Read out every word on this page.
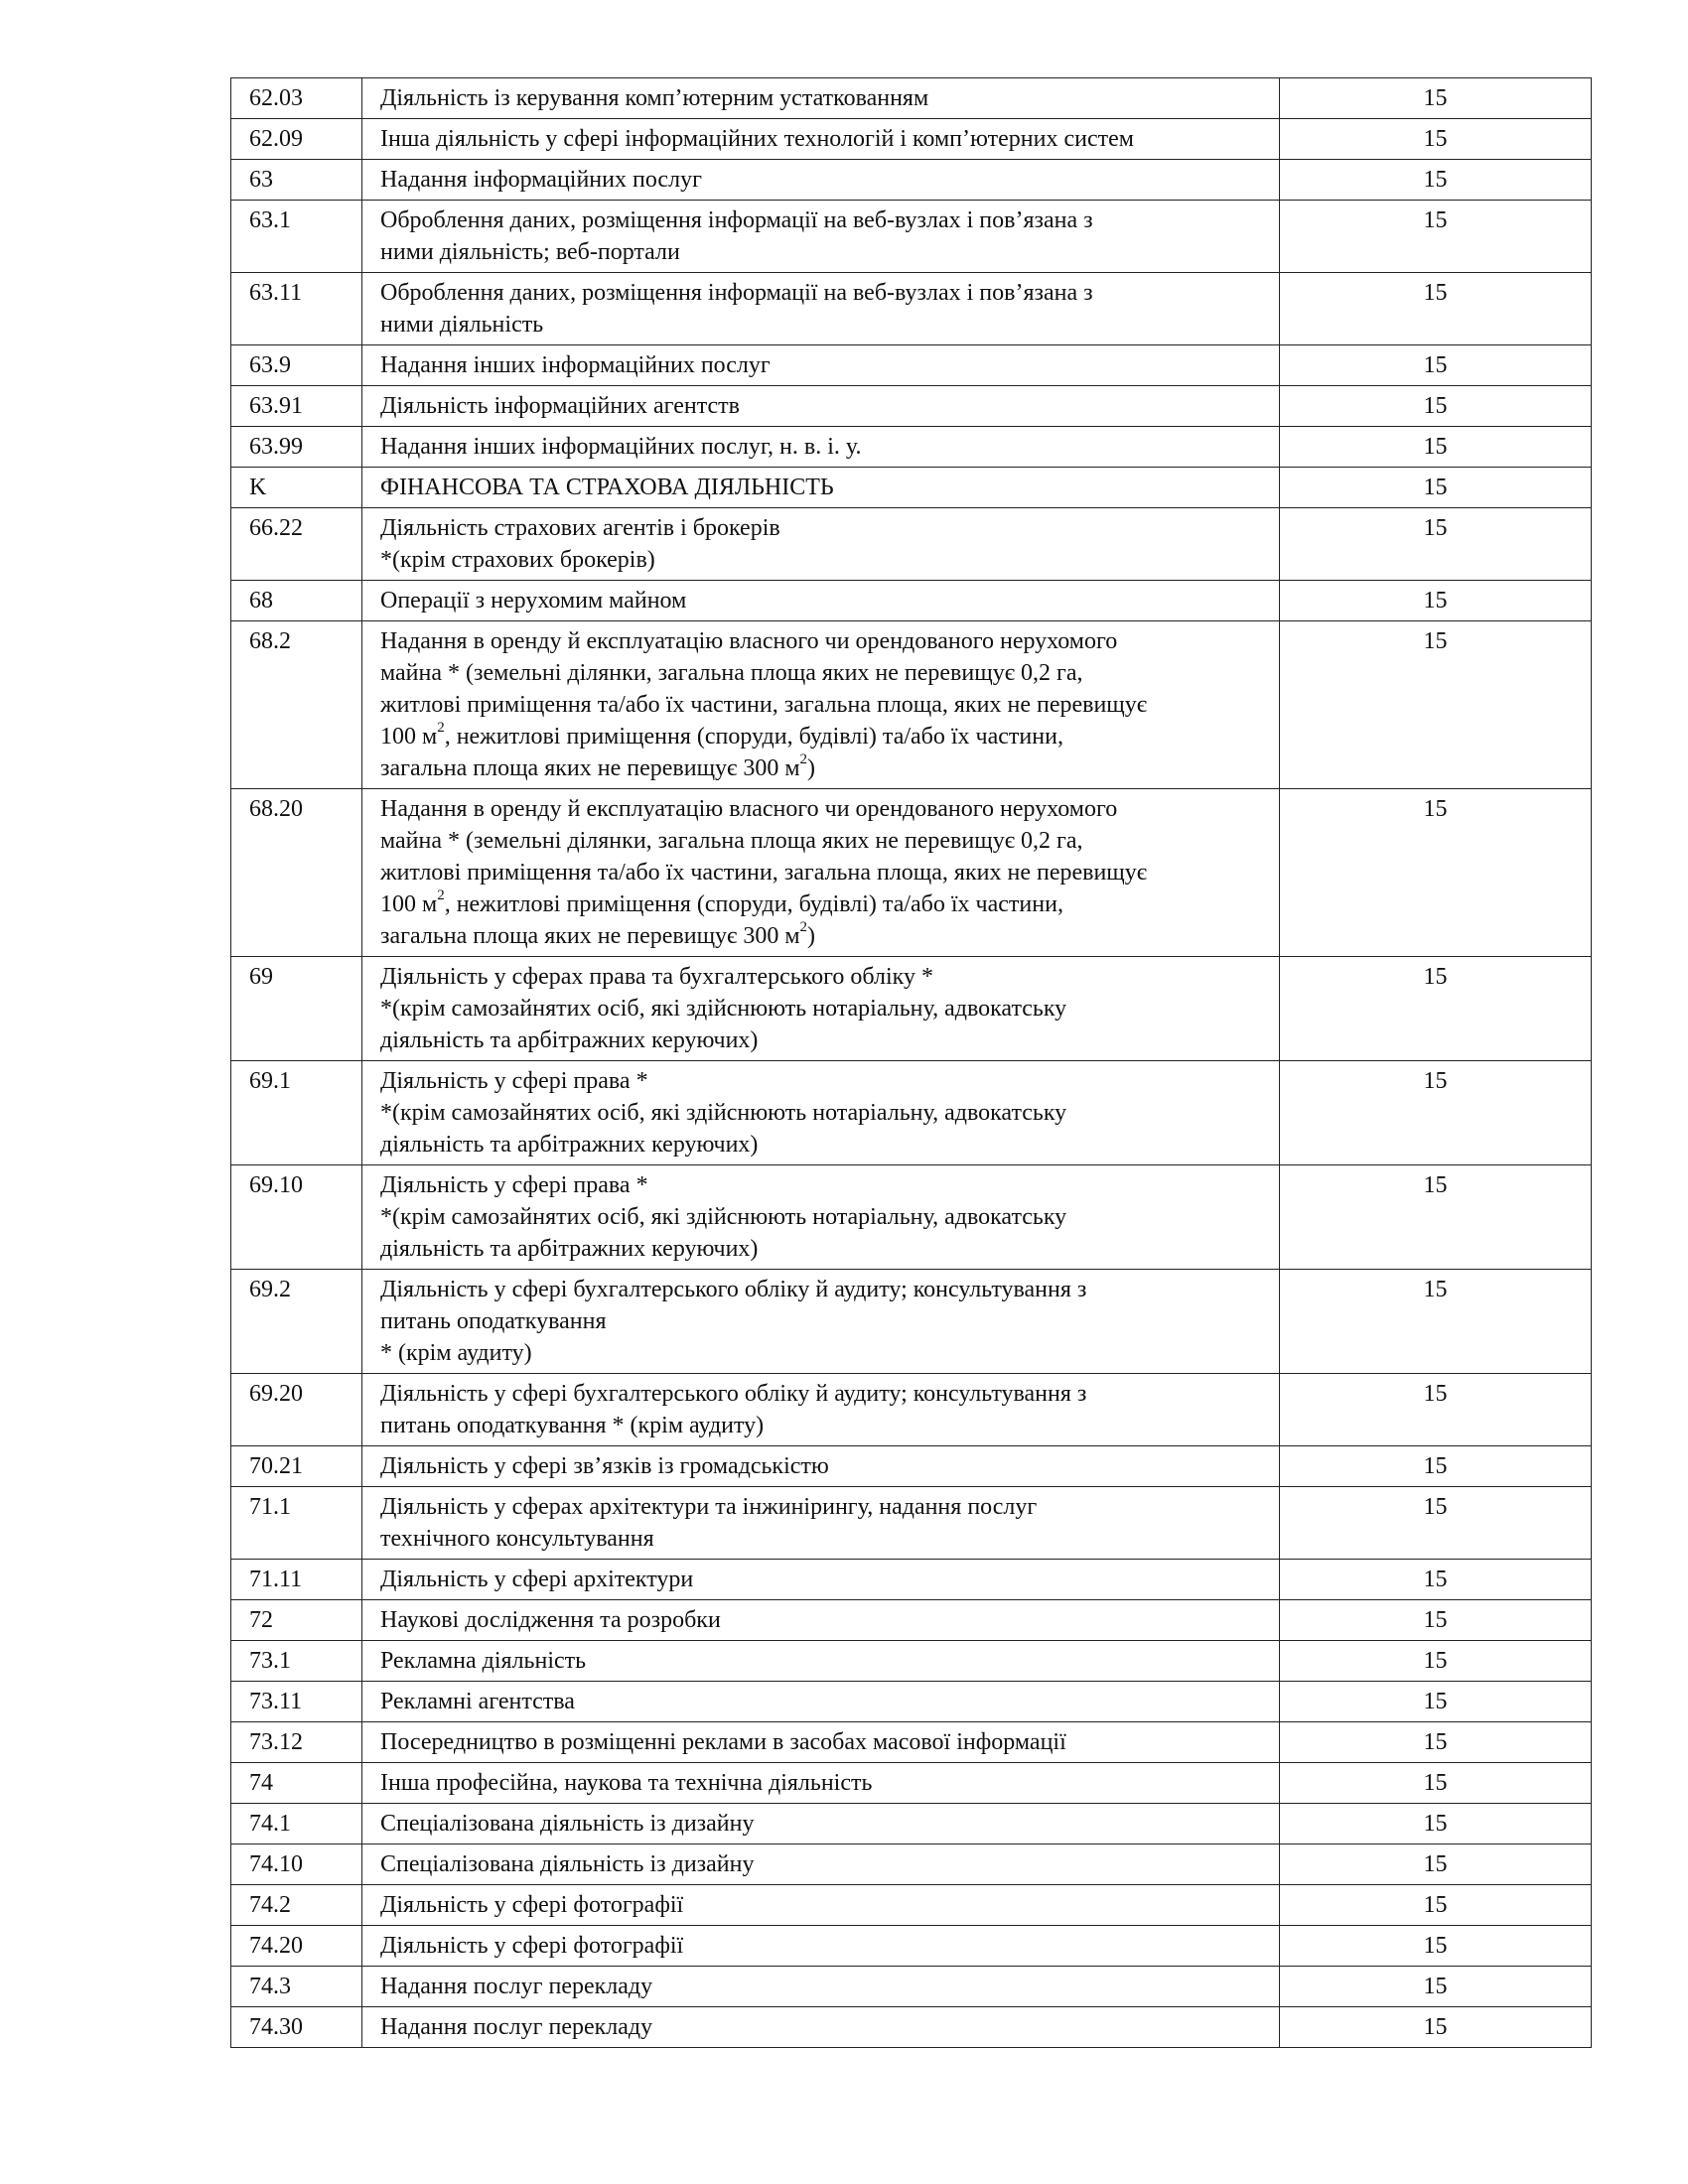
62.03	Діяльність із керування комп’ютерним устаткованням	15
62.09	Інша діяльність у сфері інформаційних технологій і комп’ютерних систем	15
63	Надання інформаційних послуг	15
63.1	Оброблення даних, розміщення інформації на веб-вузлах і пов’язана з
ними діяльність; веб-портали	15
63.11	Оброблення даних, розміщення інформації на веб-вузлах і пов’язана з
ними діяльність	15
63.9	Надання інших інформаційних послуг	15
63.91	Діяльність інформаційних агентств	15
63.99	Надання інших інформаційних послуг, н. в. і. у.	15
K	ФІНАНСОВА ТА СТРАХОВА ДІЯЛЬНІСТЬ	15
66.22	Діяльність страхових агентів і брокерів
*(крім страхових брокерів)	15
68	Операції з нерухомим майном	15
68.2	Надання в оренду й експлуатацію власного чи орендованого нерухомого
майна * (земельні ділянки, загальна площа яких не перевищує 0,2 га,
житлові приміщення та/або їх частини, загальна площа, яких не перевищує
100 $м^2$, нежитлові приміщення (споруди, будівлі) та/або їх частини,
загальна площа яких не перевищує 300 $м^2$)	15
68.20	Надання в оренду й експлуатацію власного чи орендованого нерухомого
майна * (земельні ділянки, загальна площа яких не перевищує 0,2 га,
житлові приміщення та/або їх частини, загальна площа, яких не перевищує
100 $м^2$, нежитлові приміщення (споруди, будівлі) та/або їх частини,
загальна площа яких не перевищує 300 $м^2$)	15
69	Діяльність у сферах права та бухгалтерського обліку *
*(крім самозайнятих осіб, які здійснюють нотаріальну, адвокатську
діяльність та арбітражних керуючих)	15
69.1	Діяльність у сфері права *
*(крім самозайнятих осіб, які здійснюють нотаріальну, адвокатську
діяльність та арбітражних керуючих)	15
69.10	Діяльність у сфері права *
*(крім самозайнятих осіб, які здійснюють нотаріальну, адвокатську
діяльність та арбітражних керуючих)	15
69.2	Діяльність у сфері бухгалтерського обліку й аудиту; консультування з
питань оподаткування
* (крім аудиту)	15
69.20	Діяльність у сфері бухгалтерського обліку й аудиту; консультування з
питань оподаткування * (крім аудиту)	15
70.21	Діяльність у сфері зв’язків із громадськістю	15
71.1	Діяльність у сферах архітектури та інжинірингу, надання послуг
технічного консультування	15
71.11	Діяльність у сфері архітектури	15
72	Наукові дослідження та розробки	15
73.1	Рекламна діяльність	15
73.11	Рекламні агентства	15
73.12	Посередництво в розміщенні реклами в засобах масової інформації	15
74	Інша професійна, наукова та технічна діяльність	15
74.1	Спеціалізована діяльність із дизайну	15
74.10	Спеціалізована діяльність із дизайну	15
74.2	Діяльність у сфері фотографії	15
74.20	Діяльність у сфері фотографії	15
74.3	Надання послуг перекладу	15
74.30	Надання послуг перекладу	15
